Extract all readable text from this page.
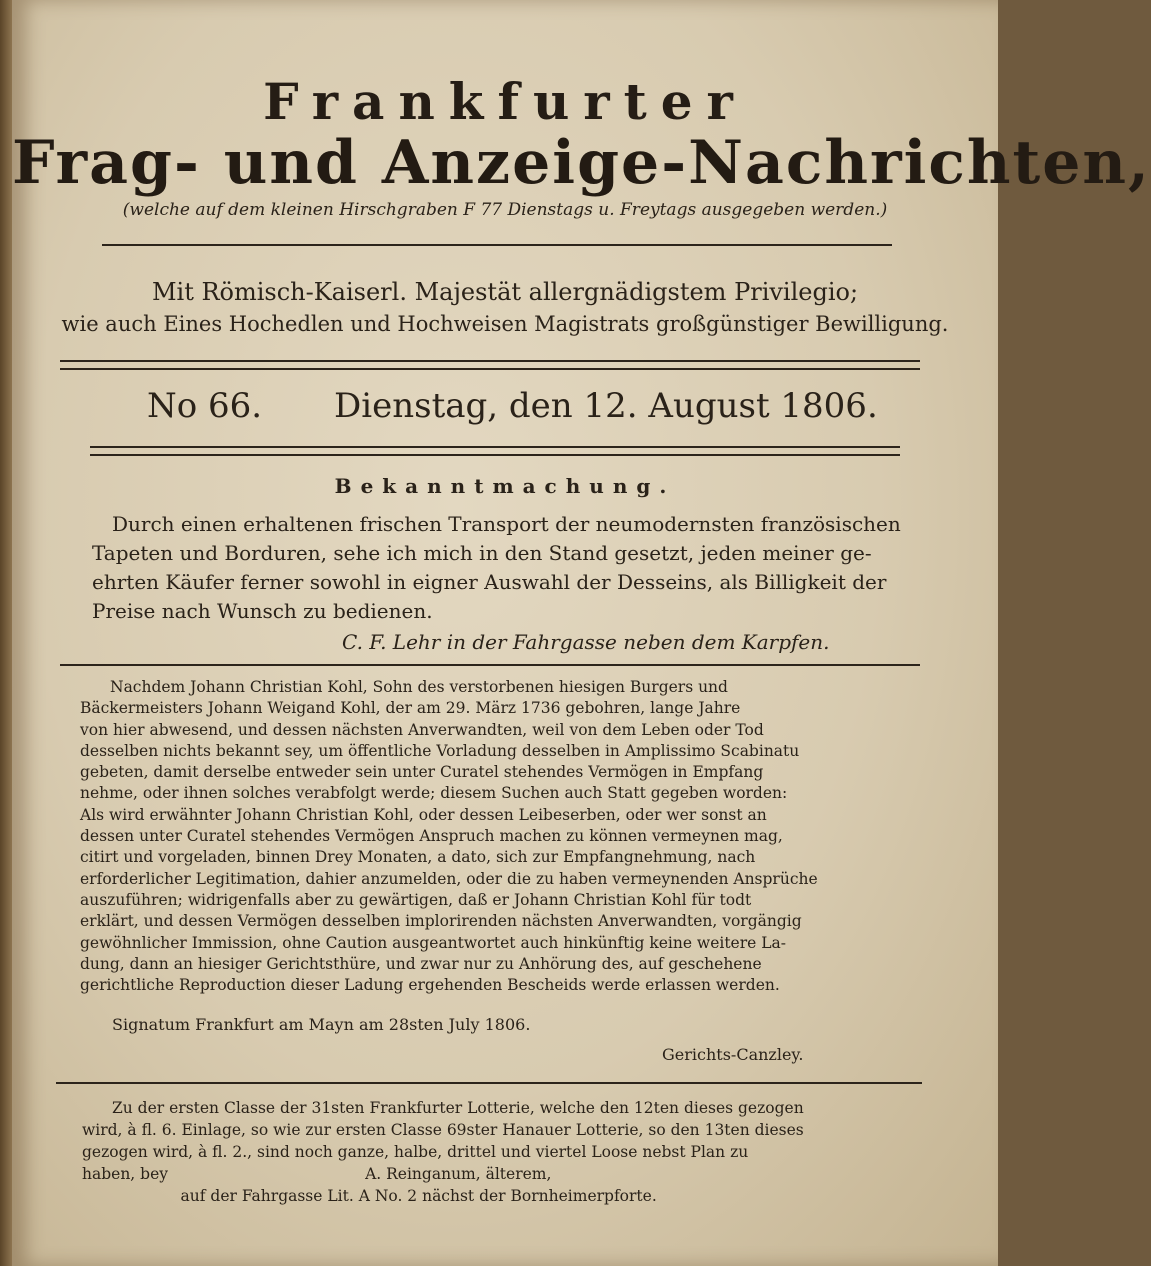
Frankfurter
Frag- und Anzeige-Nachrichten,
(welche auf dem kleinen Hirschgraben F 77 Dienstags u. Freytags ausgegeben werden.)
Mit Römisch-Kaiserl. Majestät allergnädigstem Privilegio;
wie auch Eines Hochedlen und Hochweisen Magistrats großgünstiger Bewilligung.
No 66. Dienstag, den 12. August 1806.
Bekanntmachung.
Durch einen erhaltenen frischen Transport der neumodernsten französischen
Tapeten und Borduren, sehe ich mich in den Stand gesetzt, jeden meiner ge-
ehrten Käufer ferner sowohl in eigner Auswahl der Desseins, als Billigkeit der
Preise nach Wunsch zu bedienen.
C. F. Lehr in der Fahrgasse neben dem Karpfen.
Nachdem Johann Christian Kohl, Sohn des verstorbenen hiesigen Burgers und
Bäckermeisters Johann Weigand Kohl, der am 29. März 1736 gebohren, lange Jahre
von hier abwesend, und dessen nächsten Anverwandten, weil von dem Leben oder Tod
desselben nichts bekannt sey, um öffentliche Vorladung desselben in Amplissimo Scabinatu
gebeten, damit derselbe entweder sein unter Curatel stehendes Vermögen in Empfang
nehme, oder ihnen solches verabfolgt werde; diesem Suchen auch Statt gegeben worden:
Als wird erwähnter Johann Christian Kohl, oder dessen Leibeserben, oder wer sonst an
dessen unter Curatel stehendes Vermögen Anspruch machen zu können vermeynen mag,
citirt und vorgeladen, binnen Drey Monaten, a dato, sich zur Empfangnehmung, nach
erforderlicher Legitimation, dahier anzumelden, oder die zu haben vermeynenden Ansprüche
auszuführen; widrigenfalls aber zu gewärtigen, daß er Johann Christian Kohl für todt
erklärt, und dessen Vermögen desselben implorirenden nächsten Anverwandten, vorgängig
gewöhnlicher Immission, ohne Caution ausgeantwortet auch hinkünftig keine weitere La-
dung, dann an hiesiger Gerichtsthüre, und zwar nur zu Anhörung des, auf geschehene
gerichtliche Reproduction dieser Ladung ergehenden Bescheids werde erlassen werden.
Signatum Frankfurt am Mayn am 28sten July 1806.
Gerichts-Canzley.
Zu der ersten Classe der 31sten Frankfurter Lotterie, welche den 12ten dieses gezogen
wird, à fl. 6. Einlage, so wie zur ersten Classe 69ster Hanauer Lotterie, so den 13ten dieses
gezogen wird, à fl. 2., sind noch ganze, halbe, drittel und viertel Loose nebst Plan zu
haben, bey                                        A. Reinganum, älterem,
auf der Fahrgasse Lit. A No. 2 nächst der Bornheimerpforte.
